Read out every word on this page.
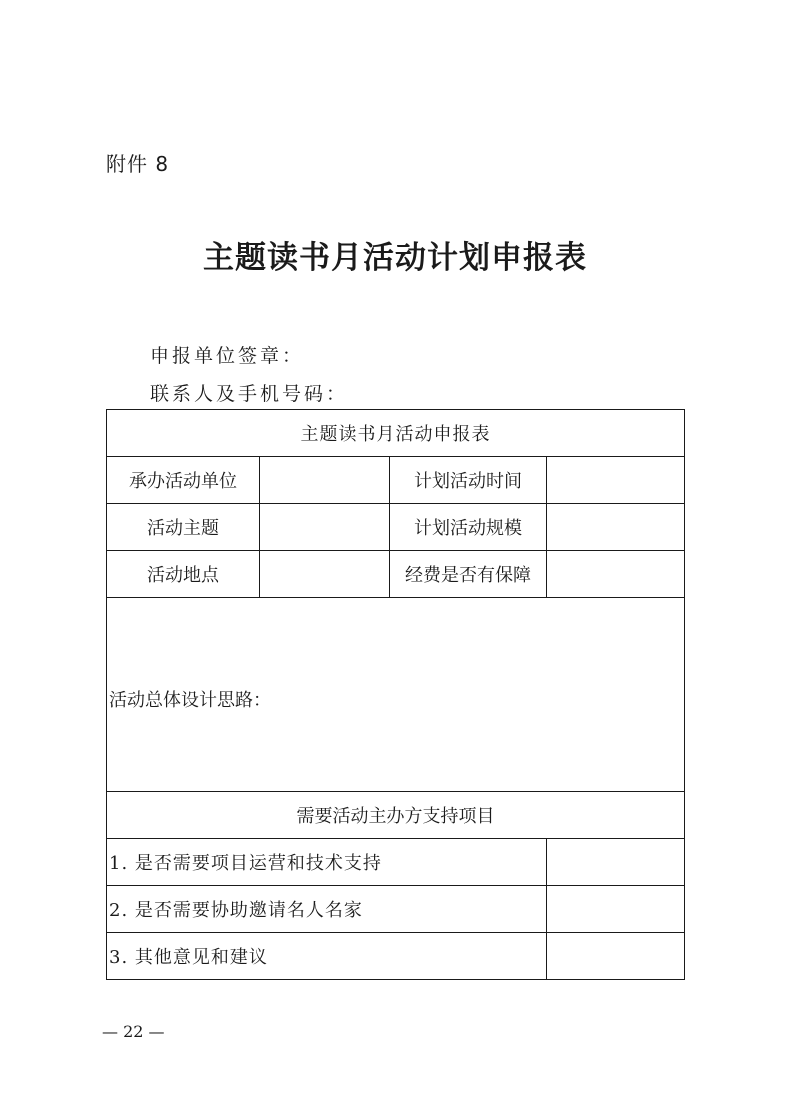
附件 8
主题读书月活动计划申报表
申报单位签章：
联系人及手机号码：
主题读书月活动申报表			
承办活动单位		计划活动时间	
活动主题		计划活动规模	
活动地点		经费是否有保障	

活动总体设计思路：			

需要活动主办方支持项目			
1. 是否需要项目运营和技术支持			
2. 是否需要协助邀请名人名家			
3. 其他意见和建议			
— 22 —
